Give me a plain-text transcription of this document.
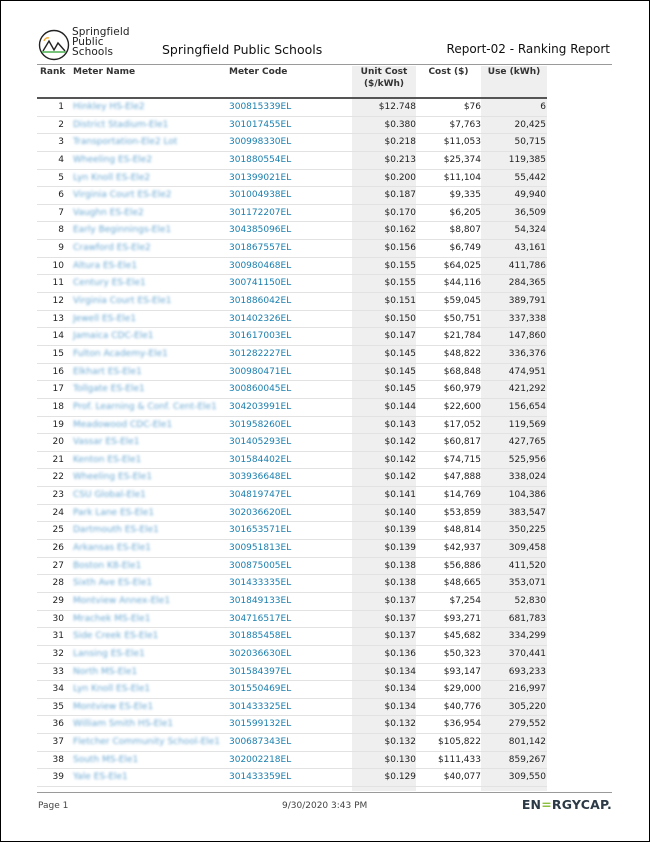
Springfield
Public
Schools	Springfield Public Schools	Report-02 - Ranking Report
Rank Meter Name	Meter Code	Unit Cost
($/kWh)
Cost ($)	Use (kWh)
1 Hinkley HS-Ele2	300815339EL	$12.748	$76	6
2 District Stadium-Ele1	301017455EL	$0.380	$7,763	20,425
3 Transportation-Ele2 Lot	300998330EL	$0.218	$11,053	50,715
4 Wheeling ES-Ele2	301880554EL	$0.213	$25,374	119,385
5 Lyn Knoll ES-Ele2	301399021EL	$0.200	$11,104	55,442
6 Virginia Court ES-Ele2	301004938EL	$0.187	$9,335	49,940
7 Vaughn ES-Ele2	301172207EL	$0.170	$6,205	36,509
8 Early Beginnings-Ele1	304385096EL	$0.162	$8,807	54,324
9 Crawford ES-Ele2	301867557EL	$0.156	$6,749	43,161
10 Altura ES-Ele1	300980468EL	$0.155	$64,025	411,786
11 Century ES-Ele1	300741150EL	$0.155	$44,116	284,365
12 Virginia Court ES-Ele1	301886042EL	$0.151	$59,045	389,791
13 Jewell ES-Ele1	301402326EL	$0.150	$50,751	337,338
14 Jamaica CDC-Ele1	301617003EL	$0.147	$21,784	147,860
15 Fulton Academy-Ele1	301282227EL	$0.145	$48,822	336,376
16 Elkhart ES-Ele1	300980471EL	$0.145	$68,848	474,951
17 Tollgate ES-Ele1	300860045EL	$0.145	$60,979	421,292
18 Prof. Learning & Conf. Cent-Ele1 304203991EL	$0.144	$22,600	156,654
19 Meadowood CDC-Ele1	301958260EL	$0.143	$17,052	119,569
20 Vassar ES-Ele1	301405293EL	$0.142	$60,817	427,765
21 Kenton ES-Ele1	301584402EL	$0.142	$74,715	525,956
22 Wheeling ES-Ele1	303936648EL	$0.142	$47,888	338,024
23 CSU Global-Ele1	304819747EL	$0.141	$14,769	104,386
24 Park Lane ES-Ele1	302036620EL	$0.140	$53,859	383,547
25 Dartmouth ES-Ele1	301653571EL	$0.139	$48,814	350,225
26 Arkansas ES-Ele1	300951813EL	$0.139	$42,937	309,458
27 Boston K8-Ele1	300875005EL	$0.138	$56,886	411,520
28 Sixth Ave ES-Ele1	301433335EL	$0.138	$48,665	353,071
29 Montview Annex-Ele1	301849133EL	$0.137	$7,254	52,830
30 Mrachek MS-Ele1	304716517EL	$0.137	$93,271	681,783
31 Side Creek ES-Ele1	301885458EL	$0.137	$45,682	334,299
32 Lansing ES-Ele1	302036630EL	$0.136	$50,323	370,441
33 North MS-Ele1	301584397EL	$0.134	$93,147	693,233
34 Lyn Knoll ES-Ele1	301550469EL	$0.134	$29,000	216,997
35 Montview ES-Ele1	301433325EL	$0.134	$40,776	305,220
36 William Smith HS-Ele1	301599132EL	$0.132	$36,954	279,552
37 Fletcher Community School-Ele1 300687343EL	$0.132 $105,822	801,142
38 South MS-Ele1	302002218EL	$0.130 $111,433	859,267
39 Yale ES-Ele1	301433359EL	$0.129	$40,077	309,550
Page 1	9/30/2020 3:43 PM	EN=RGYCAP.
